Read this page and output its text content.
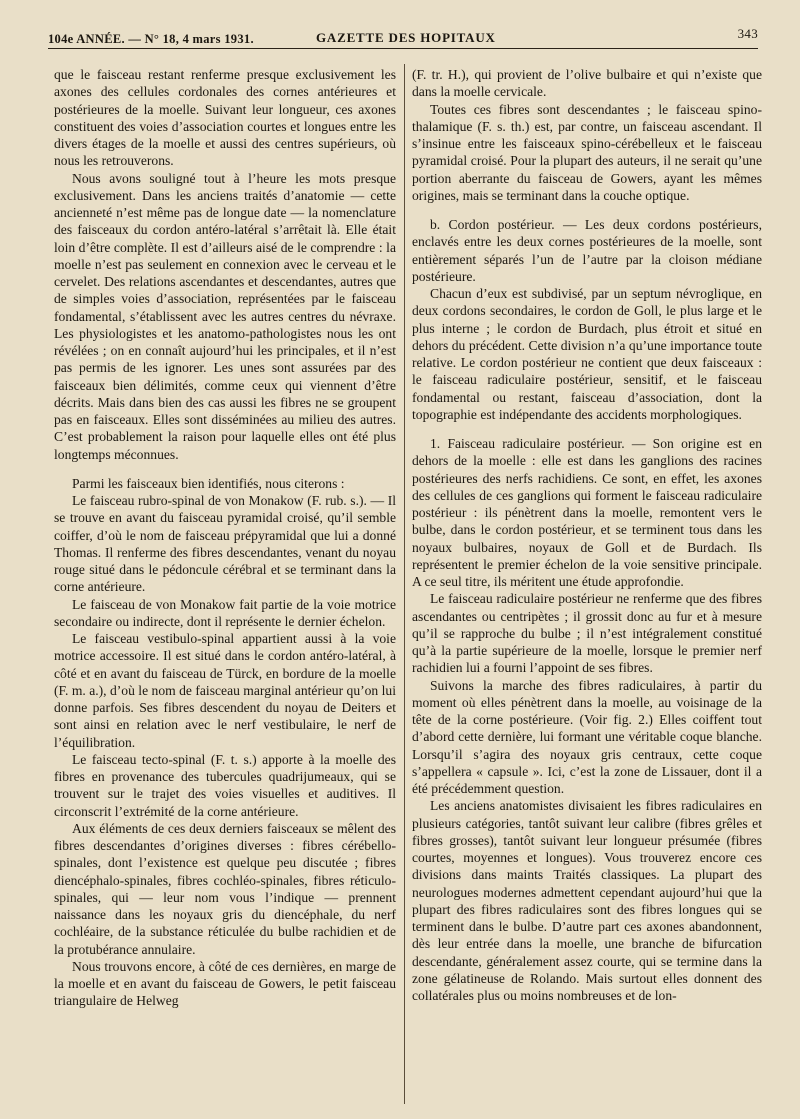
104e ANNÉE. — N° 18, 4 mars 1931.	GAZETTE DES HOPITAUX	343

que le faisceau restant renferme presque exclusivement les axones des cellules cordonales des cornes antérieures et postérieures de la moelle. Suivant leur longueur, ces axones constituent des voies d’association courtes et longues entre les divers étages de la moelle et aussi des centres supérieurs, où nous les retrouverons.

Nous avons souligné tout à l’heure les mots presque exclusivement. Dans les anciens traités d’anatomie — cette ancienneté n’est même pas de longue date — la nomenclature des faisceaux du cordon antéro-latéral s’arrêtait là. Elle était loin d’être complète. Il est d’ailleurs aisé de le comprendre : la moelle n’est pas seulement en connexion avec le cerveau et le cervelet. Des relations ascendantes et descendantes, autres que de simples voies d’association, représentées par le faisceau fondamental, s’établissent avec les autres centres du névraxe. Les physiologistes et les anatomo-pathologistes nous les ont révélées ; on en connaît aujourd’hui les principales, et il n’est pas permis de les ignorer. Les unes sont assurées par des faisceaux bien délimités, comme ceux qui viennent d’être décrits. Mais dans bien des cas aussi les fibres ne se groupent pas en faisceaux. Elles sont disséminées au milieu des autres. C’est probablement la raison pour laquelle elles ont été plus longtemps méconnues.

Parmi les faisceaux bien identifiés, nous citerons :

Le faisceau rubro-spinal de von Monakow (F. rub. s.). — Il se trouve en avant du faisceau pyramidal croisé, qu’il semble coiffer, d’où le nom de faisceau prépyramidal que lui a donné Thomas. Il renferme des fibres descendantes, venant du noyau rouge situé dans le pédoncule cérébral et se terminant dans la corne antérieure.

Le faisceau de von Monakow fait partie de la voie motrice secondaire ou indirecte, dont il représente le dernier échelon.

Le faisceau vestibulo-spinal appartient aussi à la voie motrice accessoire. Il est situé dans le cordon antéro-latéral, à côté et en avant du faisceau de Türck, en bordure de la moelle (F. m. a.), d’où le nom de faisceau marginal antérieur qu’on lui donne parfois. Ses fibres descendent du noyau de Deiters et sont ainsi en relation avec le nerf vestibulaire, le nerf de l’équilibration.

Le faisceau tecto-spinal (F. t. s.) apporte à la moelle des fibres en provenance des tubercules quadrijumeaux, qui se trouvent sur le trajet des voies visuelles et auditives. Il circonscrit l’extrémité de la corne antérieure.

Aux éléments de ces deux derniers faisceaux se mêlent des fibres descendantes d’origines diverses : fibres cérébello-spinales, dont l’existence est quelque peu discutée ; fibres diencéphalo-spinales, fibres cochléo-spinales, fibres réticulo-spinales, qui — leur nom vous l’indique — prennent naissance dans les noyaux gris du diencéphale, du nerf cochléaire, de la substance réticulée du bulbe rachidien et de la protubérance annulaire.

Nous trouvons encore, à côté de ces dernières, en marge de la moelle et en avant du faisceau de Gowers, le petit faisceau triangulaire de Helweg

(F. tr. H.), qui provient de l’olive bulbaire et qui n’existe que dans la moelle cervicale.

Toutes ces fibres sont descendantes ; le faisceau spino-thalamique (F. s. th.) est, par contre, un faisceau ascendant. Il s’insinue entre les faisceaux spino-cérébelleux et le faisceau pyramidal croisé. Pour la plupart des auteurs, il ne serait qu’une portion aberrante du faisceau de Gowers, ayant les mêmes origines, mais se terminant dans la couche optique.

b. Cordon postérieur. — Les deux cordons postérieurs, enclavés entre les deux cornes postérieures de la moelle, sont entièrement séparés l’un de l’autre par la cloison médiane postérieure.

Chacun d’eux est subdivisé, par un septum névroglique, en deux cordons secondaires, le cordon de Goll, le plus large et le plus interne ; le cordon de Burdach, plus étroit et situé en dehors du précédent. Cette division n’a qu’une importance toute relative. Le cordon postérieur ne contient que deux faisceaux : le faisceau radiculaire postérieur, sensitif, et le faisceau fondamental ou restant, faisceau d’association, dont la topographie est indépendante des accidents morphologiques.

1. Faisceau radiculaire postérieur. — Son origine est en dehors de la moelle : elle est dans les ganglions des racines postérieures des nerfs rachidiens. Ce sont, en effet, les axones des cellules de ces ganglions qui forment le faisceau radiculaire postérieur : ils pénètrent dans la moelle, remontent vers le bulbe, dans le cordon postérieur, et se terminent tous dans les noyaux bulbaires, noyaux de Goll et de Burdach. Ils représentent le premier échelon de la voie sensitive principale. A ce seul titre, ils méritent une étude approfondie.

Le faisceau radiculaire postérieur ne renferme que des fibres ascendantes ou centripètes ; il grossit donc au fur et à mesure qu’il se rapproche du bulbe ; il n’est intégralement constitué qu’à la partie supérieure de la moelle, lorsque le premier nerf rachidien lui a fourni l’appoint de ses fibres.

Suivons la marche des fibres radiculaires, à partir du moment où elles pénètrent dans la moelle, au voisinage de la tête de la corne postérieure. (Voir fig. 2.) Elles coiffent tout d’abord cette dernière, lui formant une véritable coque blanche. Lorsqu’il s’agira des noyaux gris centraux, cette coque s’appellera « capsule ». Ici, c’est la zone de Lissauer, dont il a été précédemment question.

Les anciens anatomistes divisaient les fibres radiculaires en plusieurs catégories, tantôt suivant leur calibre (fibres grêles et fibres grosses), tantôt suivant leur longueur présumée (fibres courtes, moyennes et longues). Vous trouverez encore ces divisions dans maints Traités classiques. La plupart des neurologues modernes admettent cependant aujourd’hui que la plupart des fibres radiculaires sont des fibres longues qui se terminent dans le bulbe. D’autre part ces axones abandonnent, dès leur entrée dans la moelle, une branche de bifurcation descendante, généralement assez courte, qui se termine dans la zone gélatineuse de Rolando. Mais surtout elles donnent des collatérales plus ou moins nombreuses et de lon-
